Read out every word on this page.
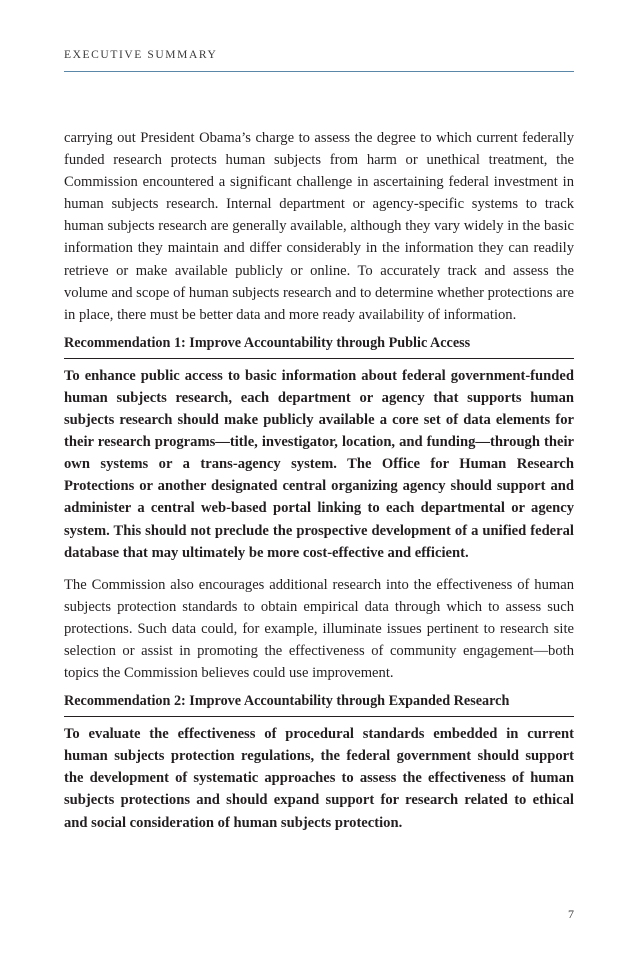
EXECUTIVE SUMMARY

carrying out President Obama’s charge to assess the degree to which current federally funded research protects human subjects from harm or unethical treatment, the Commission encountered a significant challenge in ascertaining federal investment in human subjects research. Internal department or agency-specific systems to track human subjects research are generally available, although they vary widely in the basic information they maintain and differ considerably in the information they can readily retrieve or make available publicly or online. To accurately track and assess the volume and scope of human subjects research and to determine whether protections are in place, there must be better data and more ready availability of information.

Recommendation 1: Improve Accountability through Public Access

To enhance public access to basic information about federal government-funded human subjects research, each department or agency that supports human subjects research should make publicly available a core set of data elements for their research programs—title, investigator, location, and funding—through their own systems or a trans-agency system. The Office for Human Research Protections or another designated central organizing agency should support and administer a central web-based portal linking to each departmental or agency system. This should not preclude the prospective development of a unified federal database that may ultimately be more cost-effective and efficient.

The Commission also encourages additional research into the effectiveness of human subjects protection standards to obtain empirical data through which to assess such protections. Such data could, for example, illuminate issues pertinent to research site selection or assist in promoting the effectiveness of community engagement—both topics the Commission believes could use improvement.

Recommendation 2: Improve Accountability through Expanded Research

To evaluate the effectiveness of procedural standards embedded in current human subjects protection regulations, the federal government should support the development of systematic approaches to assess the effectiveness of human subjects protections and should expand support for research related to ethical and social consideration of human subjects protection.

7
